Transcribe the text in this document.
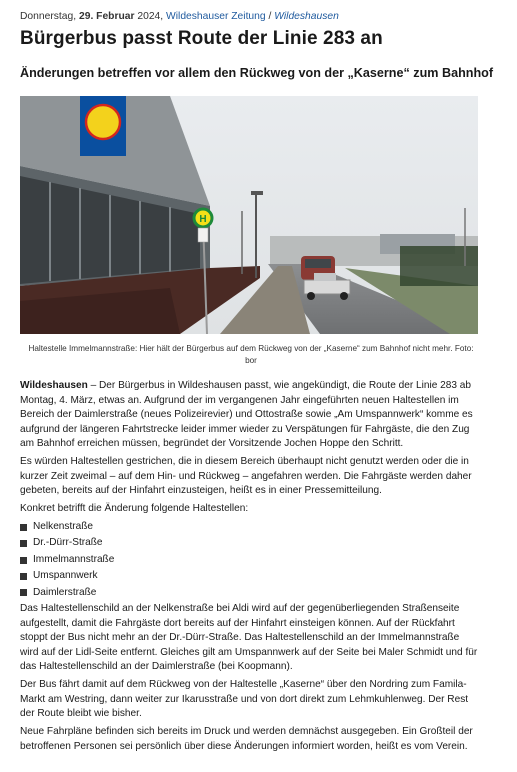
Donnerstag, 29. Februar 2024, Wildeshauser Zeitung / Wildeshausen
Bürgerbus passt Route der Linie 283 an
Änderungen betreffen vor allem den Rückweg von der „Kaserne“ zum Bahnhof
H
Haltestelle Immelmannstraße: Hier hält der Bürgerbus auf dem Rückweg von der „Kaserne“ zum Bahnhof nicht mehr. Foto: bor

Wildeshausen – Der Bürgerbus in Wildeshausen passt, wie angekündigt, die Route der Linie 283 ab Montag, 4. März, etwas an. Aufgrund der im vergangenen Jahr eingeführten neuen Haltestellen im Bereich der Daimlerstraße (neues Polizeirevier) und Ottostraße sowie „Am Umspannwerk“ komme es aufgrund der längeren Fahrtstrecke leider immer wieder zu Verspätungen für Fahrgäste, die den Zug am Bahnhof erreichen müssen, begründet der Vorsitzende Jochen Hoppe den Schritt.

Es würden Haltestellen gestrichen, die in diesem Bereich überhaupt nicht genutzt werden oder die in kurzer Zeit zweimal – auf dem Hin- und Rückweg – angefahren werden. Die Fahrgäste werden daher gebeten, bereits auf der Hinfahrt einzusteigen, heißt es in einer Pressemitteilung.

Konkret betrifft die Änderung folgende Haltestellen:

Nelkenstraße
Dr.-Dürr-Straße
Immelmannstraße
Umspannwerk
Daimlerstraße

Das Haltestellenschild an der Nelkenstraße bei Aldi wird auf der gegenüberliegenden Straßenseite aufgestellt, damit die Fahrgäste dort bereits auf der Hinfahrt einsteigen können. Auf der Rückfahrt stoppt der Bus nicht mehr an der Dr.-Dürr-Straße. Das Haltestellenschild an der Immelmannstraße wird auf der Lidl-Seite entfernt. Gleiches gilt am Umspannwerk auf der Seite bei Maler Schmidt und für das Haltestellenschild an der Daimlerstraße (bei Koopmann).

Der Bus fährt damit auf dem Rückweg von der Haltestelle „Kaserne“ über den Nordring zum Famila-Markt am Westring, dann weiter zur Ikarusstraße und von dort direkt zum Lehmkuhlenweg. Der Rest der Route bleibt wie bisher.

Neue Fahrpläne befinden sich bereits im Druck und werden demnächst ausgegeben. Ein Großteil der betroffenen Personen sei persönlich über diese Änderungen informiert worden, heißt es vom Verein.
